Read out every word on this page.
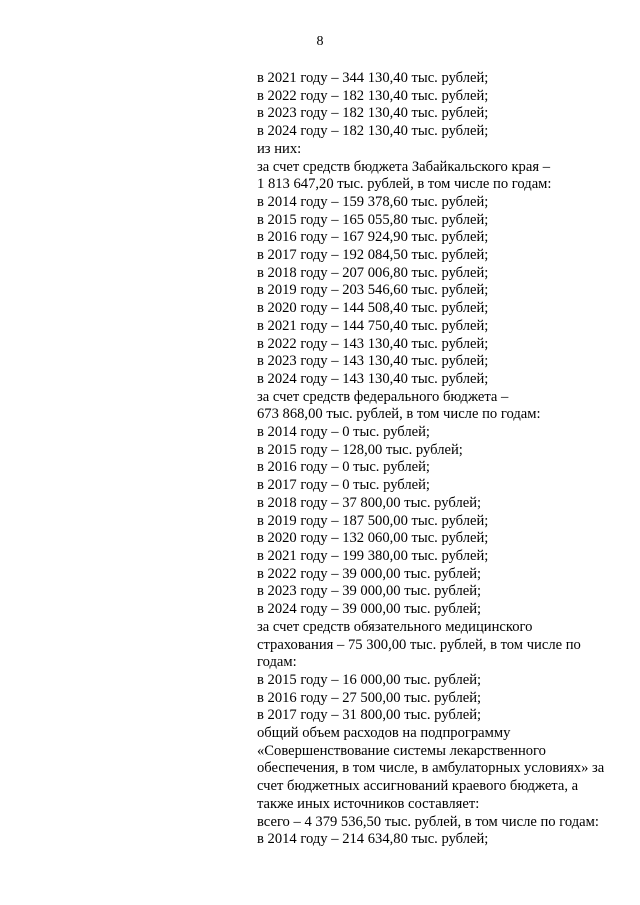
8
в 2021 году – 344 130,40 тыс. рублей;
в 2022 году – 182 130,40 тыс. рублей;
в 2023 году – 182 130,40 тыс. рублей;
в 2024 году – 182 130,40 тыс. рублей;
из них:
за счет средств бюджета Забайкальского края –
1 813 647,20 тыс. рублей, в том числе по годам:
в 2014 году – 159 378,60 тыс. рублей;
в 2015 году – 165 055,80 тыс. рублей;
в 2016 году – 167 924,90 тыс. рублей;
в 2017 году – 192 084,50 тыс. рублей;
в 2018 году – 207 006,80 тыс. рублей;
в 2019 году – 203 546,60 тыс. рублей;
в 2020 году – 144 508,40 тыс. рублей;
в 2021 году – 144 750,40 тыс. рублей;
в 2022 году – 143 130,40 тыс. рублей;
в 2023 году – 143 130,40 тыс. рублей;
в 2024 году – 143 130,40 тыс. рублей;
за счет средств федерального бюджета –
673 868,00 тыс. рублей, в том числе по годам:
в 2014 году – 0 тыс. рублей;
в 2015 году – 128,00 тыс. рублей;
в 2016 году – 0 тыс. рублей;
в 2017 году – 0 тыс. рублей;
в 2018 году – 37 800,00 тыс. рублей;
в 2019 году – 187 500,00 тыс. рублей;
в 2020 году – 132 060,00 тыс. рублей;
в 2021 году – 199 380,00 тыс. рублей;
в 2022 году – 39 000,00 тыс. рублей;
в 2023 году – 39 000,00 тыс. рублей;
в 2024 году – 39 000,00 тыс. рублей;
за счет средств обязательного медицинского
страхования – 75 300,00 тыс. рублей, в том числе по
годам:
в 2015 году – 16 000,00 тыс. рублей;
в 2016 году – 27 500,00 тыс. рублей;
в 2017 году – 31 800,00 тыс. рублей;
общий объем расходов на подпрограмму
«Совершенствование системы лекарственного
обеспечения, в том числе, в амбулаторных условиях» за
счет бюджетных ассигнований краевого бюджета, а
также иных источников составляет:
всего – 4 379 536,50 тыс. рублей, в том числе по годам:
в 2014 году – 214 634,80 тыс. рублей;
